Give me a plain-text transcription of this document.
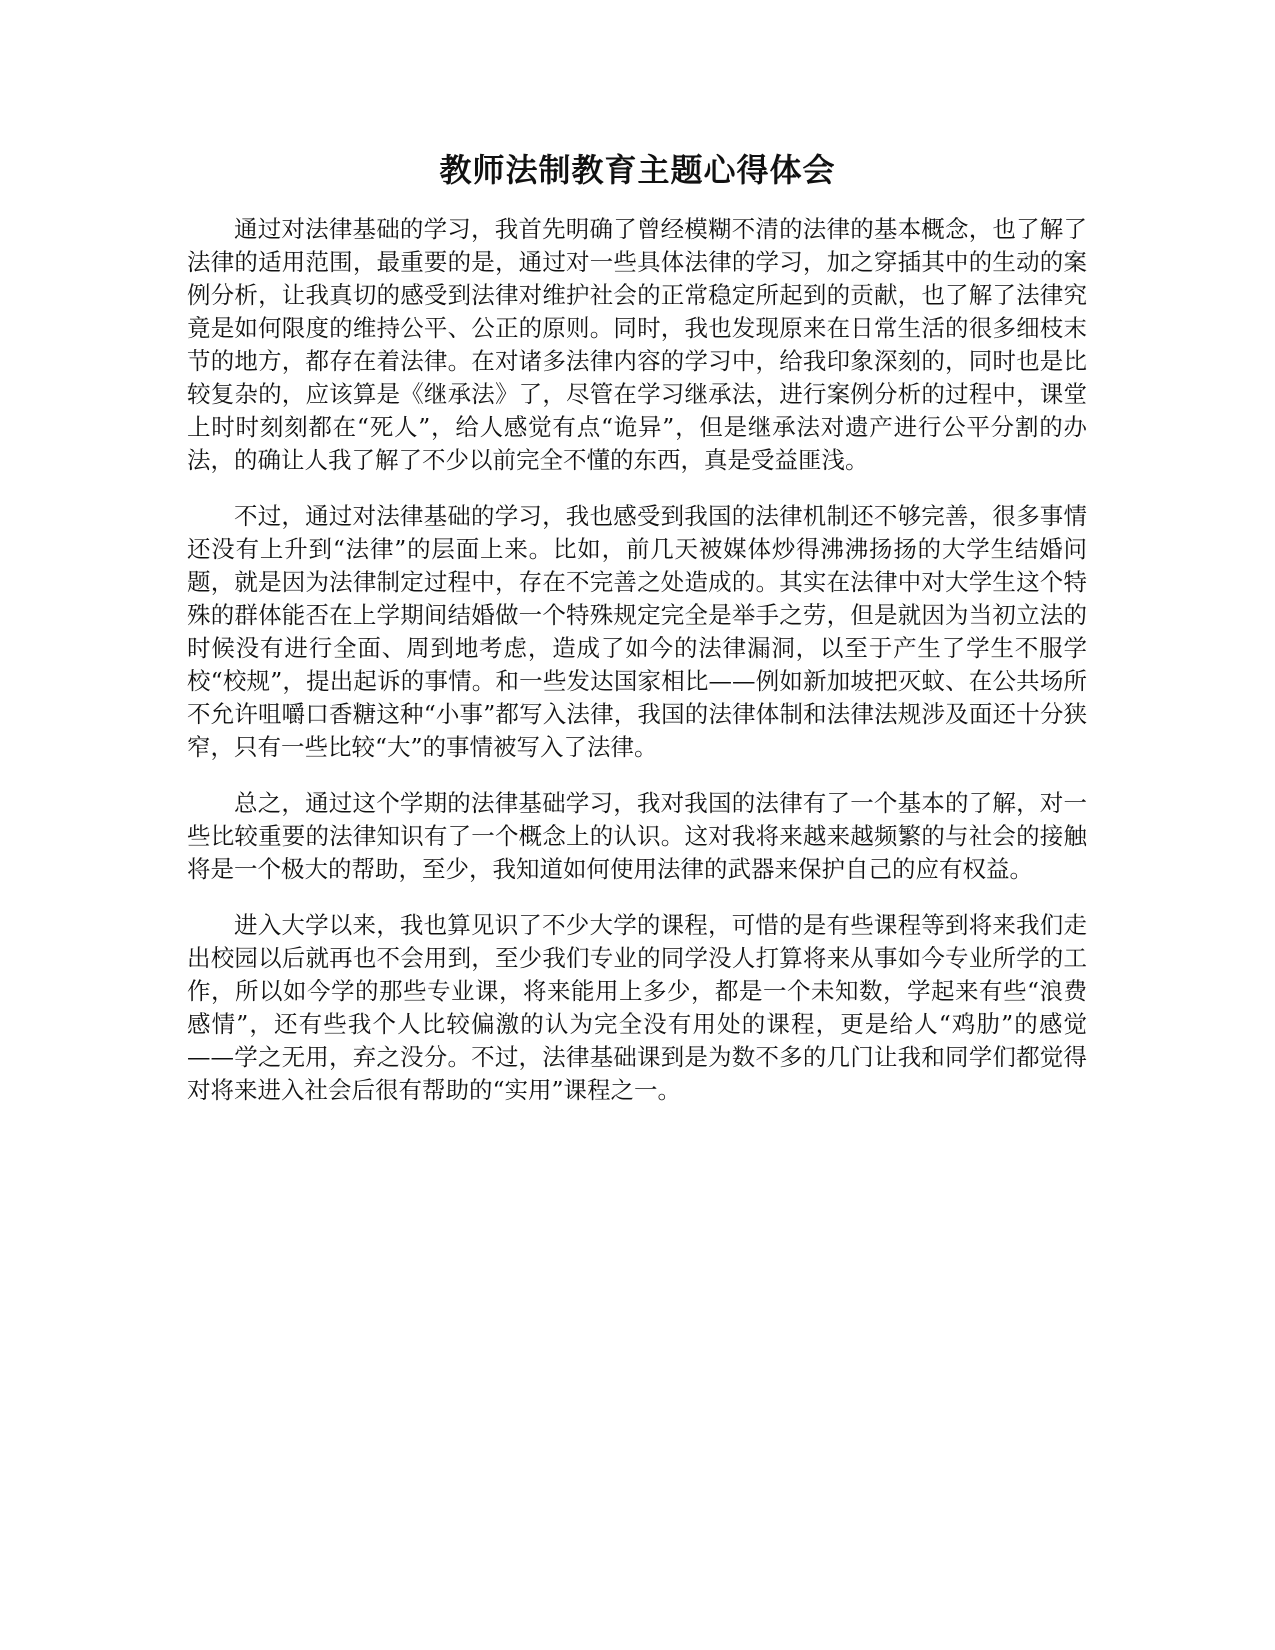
教师法制教育主题心得体会

通过对法律基础的学习，我首先明确了曾经模糊不清的法律的基本概念，也了解了法律的适用范围，最重要的是，通过对一些具体法律的学习，加之穿插其中的生动的案例分析，让我真切的感受到法律对维护社会的正常稳定所起到的贡献，也了解了法律究竟是如何限度的维持公平、公正的原则。同时，我也发现原来在日常生活的很多细枝末节的地方，都存在着法律。在对诸多法律内容的学习中，给我印象深刻的，同时也是比较复杂的，应该算是《继承法》了，尽管在学习继承法，进行案例分析的过程中，课堂上时时刻刻都在“死人”，给人感觉有点“诡异”，但是继承法对遗产进行公平分割的办法，的确让人我了解了不少以前完全不懂的东西，真是受益匪浅。

不过，通过对法律基础的学习，我也感受到我国的法律机制还不够完善，很多事情还没有上升到“法律”的层面上来。比如，前几天被媒体炒得沸沸扬扬的大学生结婚问题，就是因为法律制定过程中，存在不完善之处造成的。其实在法律中对大学生这个特殊的群体能否在上学期间结婚做一个特殊规定完全是举手之劳，但是就因为当初立法的时候没有进行全面、周到地考虑，造成了如今的法律漏洞，以至于产生了学生不服学校“校规”，提出起诉的事情。和一些发达国家相比——例如新加坡把灭蚊、在公共场所不允许咀嚼口香糖这种“小事”都写入法律，我国的法律体制和法律法规涉及面还十分狭窄，只有一些比较“大”的事情被写入了法律。

总之，通过这个学期的法律基础学习，我对我国的法律有了一个基本的了解，对一些比较重要的法律知识有了一个概念上的认识。这对我将来越来越频繁的与社会的接触将是一个极大的帮助，至少，我知道如何使用法律的武器来保护自己的应有权益。

进入大学以来，我也算见识了不少大学的课程，可惜的是有些课程等到将来我们走出校园以后就再也不会用到，至少我们专业的同学没人打算将来从事如今专业所学的工作，所以如今学的那些专业课，将来能用上多少，都是一个未知数，学起来有些“浪费感情”，还有些我个人比较偏激的认为完全没有用处的课程，更是给人“鸡肋”的感觉——学之无用，弃之没分。不过，法律基础课到是为数不多的几门让我和同学们都觉得对将来进入社会后很有帮助的“实用”课程之一。
